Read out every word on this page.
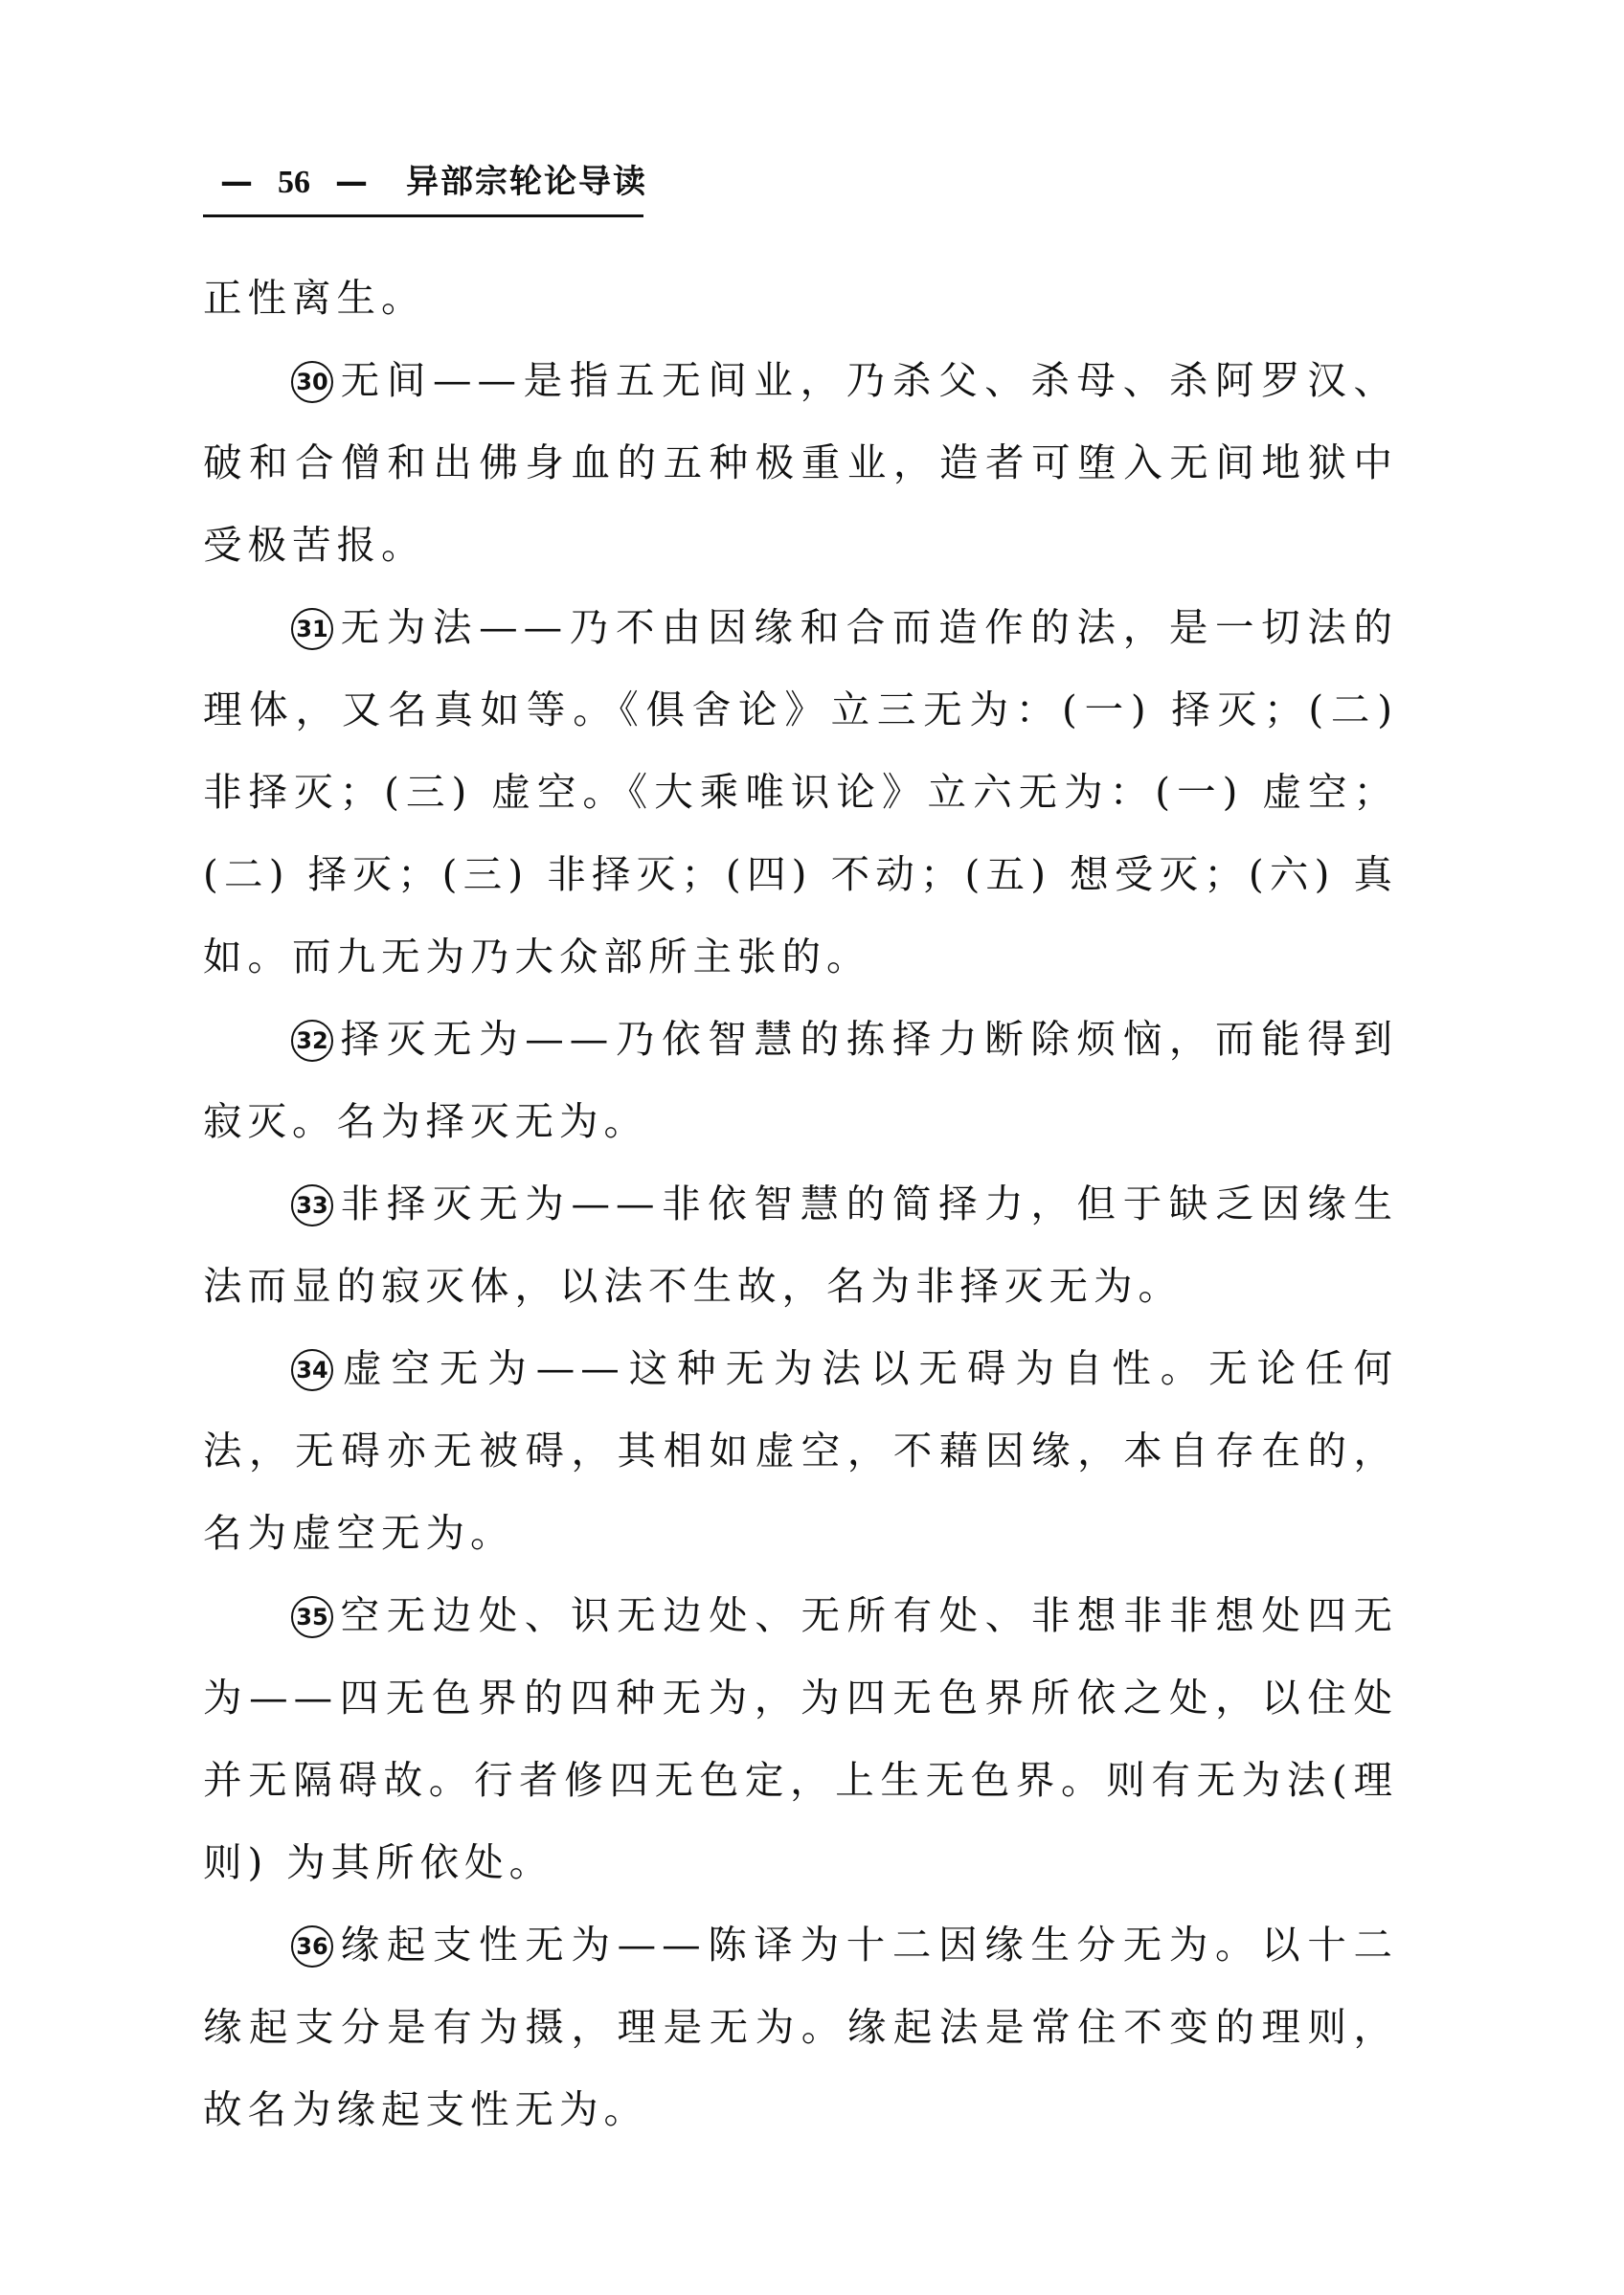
— 56 — 异部宗轮论导读

正性离生。

30 无间——是指五无间业，乃杀父、杀母、杀阿罗汉、破和合僧和出佛身血的五种极重业，造者可堕入无间地狱中受极苦报。

31 无为法——乃不由因缘和合而造作的法，是一切法的理体，又名真如等。《俱舍论》立三无为：(一) 择灭；(二) 非择灭；(三) 虚空。《大乘唯识论》立六无为：(一) 虚空；(二) 择灭；(三) 非择灭；(四) 不动；(五) 想受灭；(六) 真如。而九无为乃大众部所主张的。

32 择灭无为——乃依智慧的拣择力断除烦恼，而能得到寂灭。名为择灭无为。

33 非择灭无为——非依智慧的简择力，但于缺乏因缘生法而显的寂灭体，以法不生故，名为非择灭无为。

34 虚空无为——这种无为法以无碍为自性。无论任何法，无碍亦无被碍，其相如虚空，不藉因缘，本自存在的，名为虚空无为。

35 空无边处、识无边处、无所有处、非想非非想处四无为——四无色界的四种无为，为四无色界所依之处，以住处并无隔碍故。行者修四无色定，上生无色界。则有无为法(理则) 为其所依处。

36 缘起支性无为——陈译为十二因缘生分无为。以十二缘起支分是有为摄，理是无为。缘起法是常住不变的理则，故名为缘起支性无为。
